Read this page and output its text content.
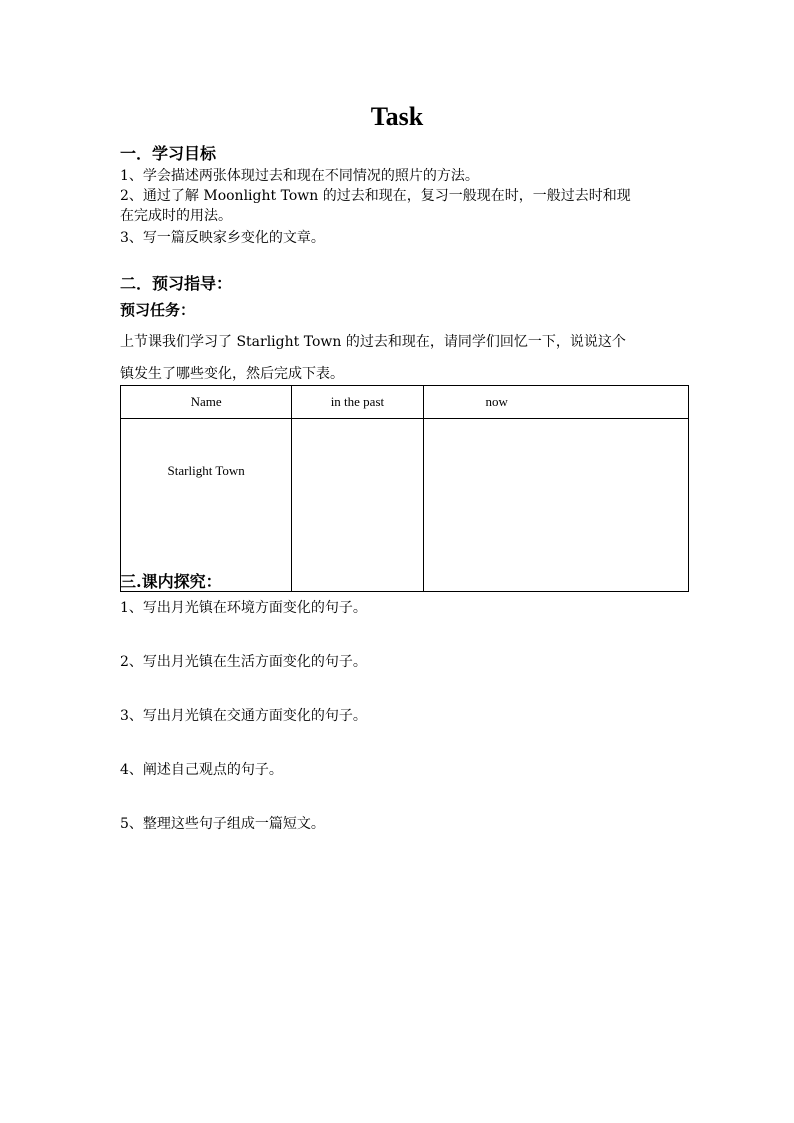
Task
一．学习目标
1、学会描述两张体现过去和现在不同情况的照片的方法。
2、通过了解 Moonlight Town 的过去和现在，复习一般现在时，一般过去时和现
在完成时的用法。
3、写一篇反映家乡变化的文章。
二．预习指导：
预习任务：
上节课我们学习了 Starlight Town 的过去和现在，请同学们回忆一下，说说这个
镇发生了哪些变化，然后完成下表。
Name	in the past	now
Starlight Town		
三.课内探究：
1、写出月光镇在环境方面变化的句子。
2、写出月光镇在生活方面变化的句子。
3、写出月光镇在交通方面变化的句子。
4、阐述自己观点的句子。
5、整理这些句子组成一篇短文。
